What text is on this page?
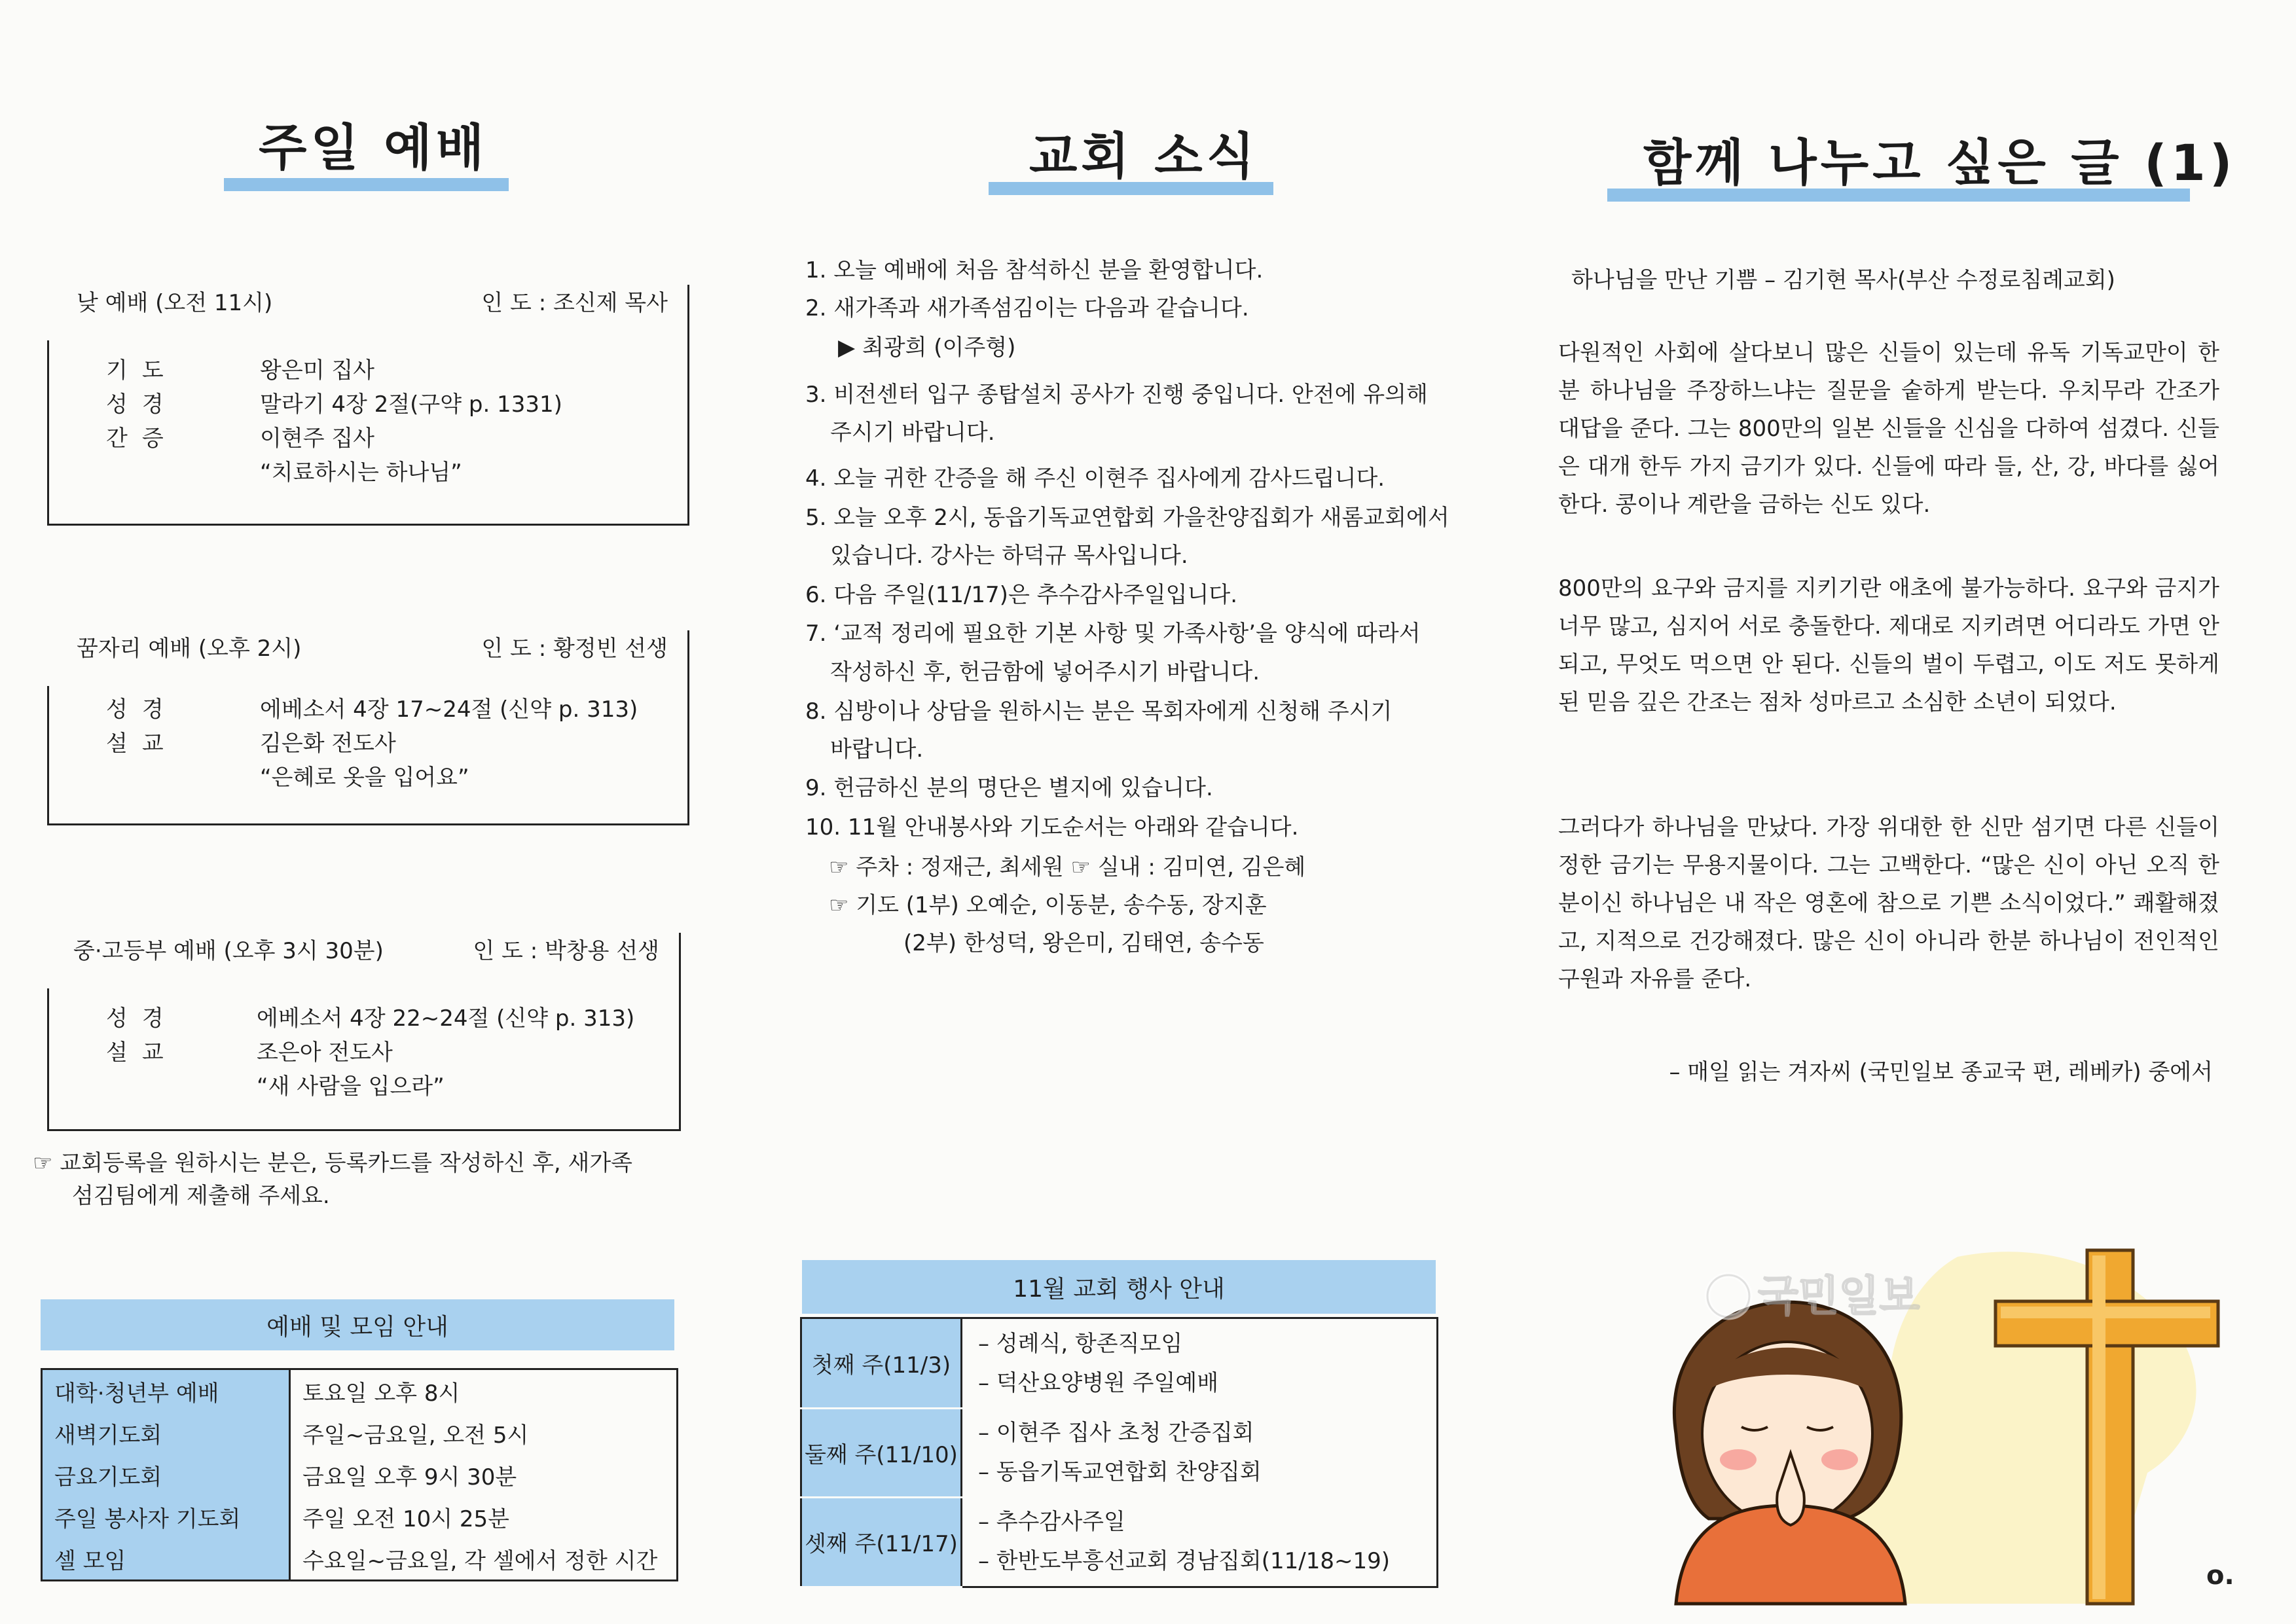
주일 예배
낮 예배 (오전 11시)	인 도 : 조신제 목사
기도	왕은미 집사
성경	말라기 4장 2절(구약 p. 1331)
간증	이현주 집사
“치료하시는 하나님”
꿈자리 예배 (오후 2시)	인 도 : 황정빈 선생
성경	에베소서 4장 17~24절 (신약 p. 313)
설교	김은화 전도사
“은혜로 옷을 입어요”
중·고등부 예배 (오후 3시 30분)	인 도 : 박창용 선생
성경	에베소서 4장 22~24절 (신약 p. 313)
설교	조은아 전도사
“새 사람을 입으라”
☞ 교회등록을 원하시는 분은, 등록카드를 작성하신 후, 새가족
섬김팀에게 제출해 주세요.
예배 및 모임 안내
대학·청년부 예배	토요일 오후 8시
새벽기도회	주일~금요일, 오전 5시
금요기도회	금요일 오후 9시 30분
주일 봉사자 기도회	주일 오전 10시 25분
셀 모임	수요일~금요일, 각 셀에서 정한 시간
교회 소식
1. 오늘 예배에 처음 참석하신 분을 환영합니다.
2. 새가족과 새가족섬김이는 다음과 같습니다.
▶ 최광희 (이주형)
3. 비전센터 입구 종탑설치 공사가 진행 중입니다. 안전에 유의해
주시기 바랍니다.
4. 오늘 귀한 간증을 해 주신 이현주 집사에게 감사드립니다.
5. 오늘 오후 2시, 동읍기독교연합회 가을찬양집회가 새롬교회에서
있습니다. 강사는 하덕규 목사입니다.
6. 다음 주일(11/17)은 추수감사주일입니다.
7. ‘교적 정리에 필요한 기본 사항 및 가족사항’을 양식에 따라서
작성하신 후, 헌금함에 넣어주시기 바랍니다.
8. 심방이나 상담을 원하시는 분은 목회자에게 신청해 주시기
바랍니다.
9. 헌금하신 분의 명단은 별지에 있습니다.
10. 11월 안내봉사와 기도순서는 아래와 같습니다.
☞ 주차 : 정재근, 최세원 ☞ 실내 : 김미연, 김은혜
☞ 기도 (1부) 오예순, 이동분, 송수동, 장지훈
(2부) 한성덕, 왕은미, 김태연, 송수동
11월 교회 행사 안내
첫째 주(11/3)	– 성례식, 항존직모임
– 덕산요양병원 주일예배

둘째 주(11/10)	– 이현주 집사 초청 간증집회
– 동읍기독교연합회 찬양집회

셋째 주(11/17)	– 추수감사주일
– 한반도부흥선교회 경남집회(11/18~19)
함께 나누고 싶은 글 (1)
하나님을 만난 기쁨 – 김기현 목사(부산 수정로침례교회)
다원적인 사회에 살다보니 많은 신들이 있는데 유독 기독교만이 한 분 하나님을 주장하느냐는 질문을 숱하게 받는다. 우치무라 간조가 대답을 준다. 그는 800만의 일본 신들을 신심을 다하여 섬겼다. 신들은 대개 한두 가지 금기가 있다. 신들에 따라 들, 산, 강, 바다를 싫어한다. 콩이나 계란을 금하는 신도 있다.
800만의 요구와 금지를 지키기란 애초에 불가능하다. 요구와 금지가 너무 많고, 심지어 서로 충돌한다. 제대로 지키려면 어디라도 가면 안 되고, 무엇도 먹으면 안 된다. 신들의 벌이 두렵고, 이도 저도 못하게 된 믿음 깊은 간조는 점차 성마르고 소심한 소년이 되었다.
그러다가 하나님을 만났다. 가장 위대한 한 신만 섬기면 다른 신들이 정한 금기는 무용지물이다. 그는 고백한다. “많은 신이 아닌 오직 한분이신 하나님은 내 작은 영혼에 참으로 기쁜 소식이었다.” 쾌활해졌고, 지적으로 건강해졌다. 많은 신이 아니라 한분 하나님이 전인적인 구원과 자유를 준다.
– 매일 읽는 겨자씨 (국민일보 종교국 편, 레베카) 중에서
국민일보
o.
